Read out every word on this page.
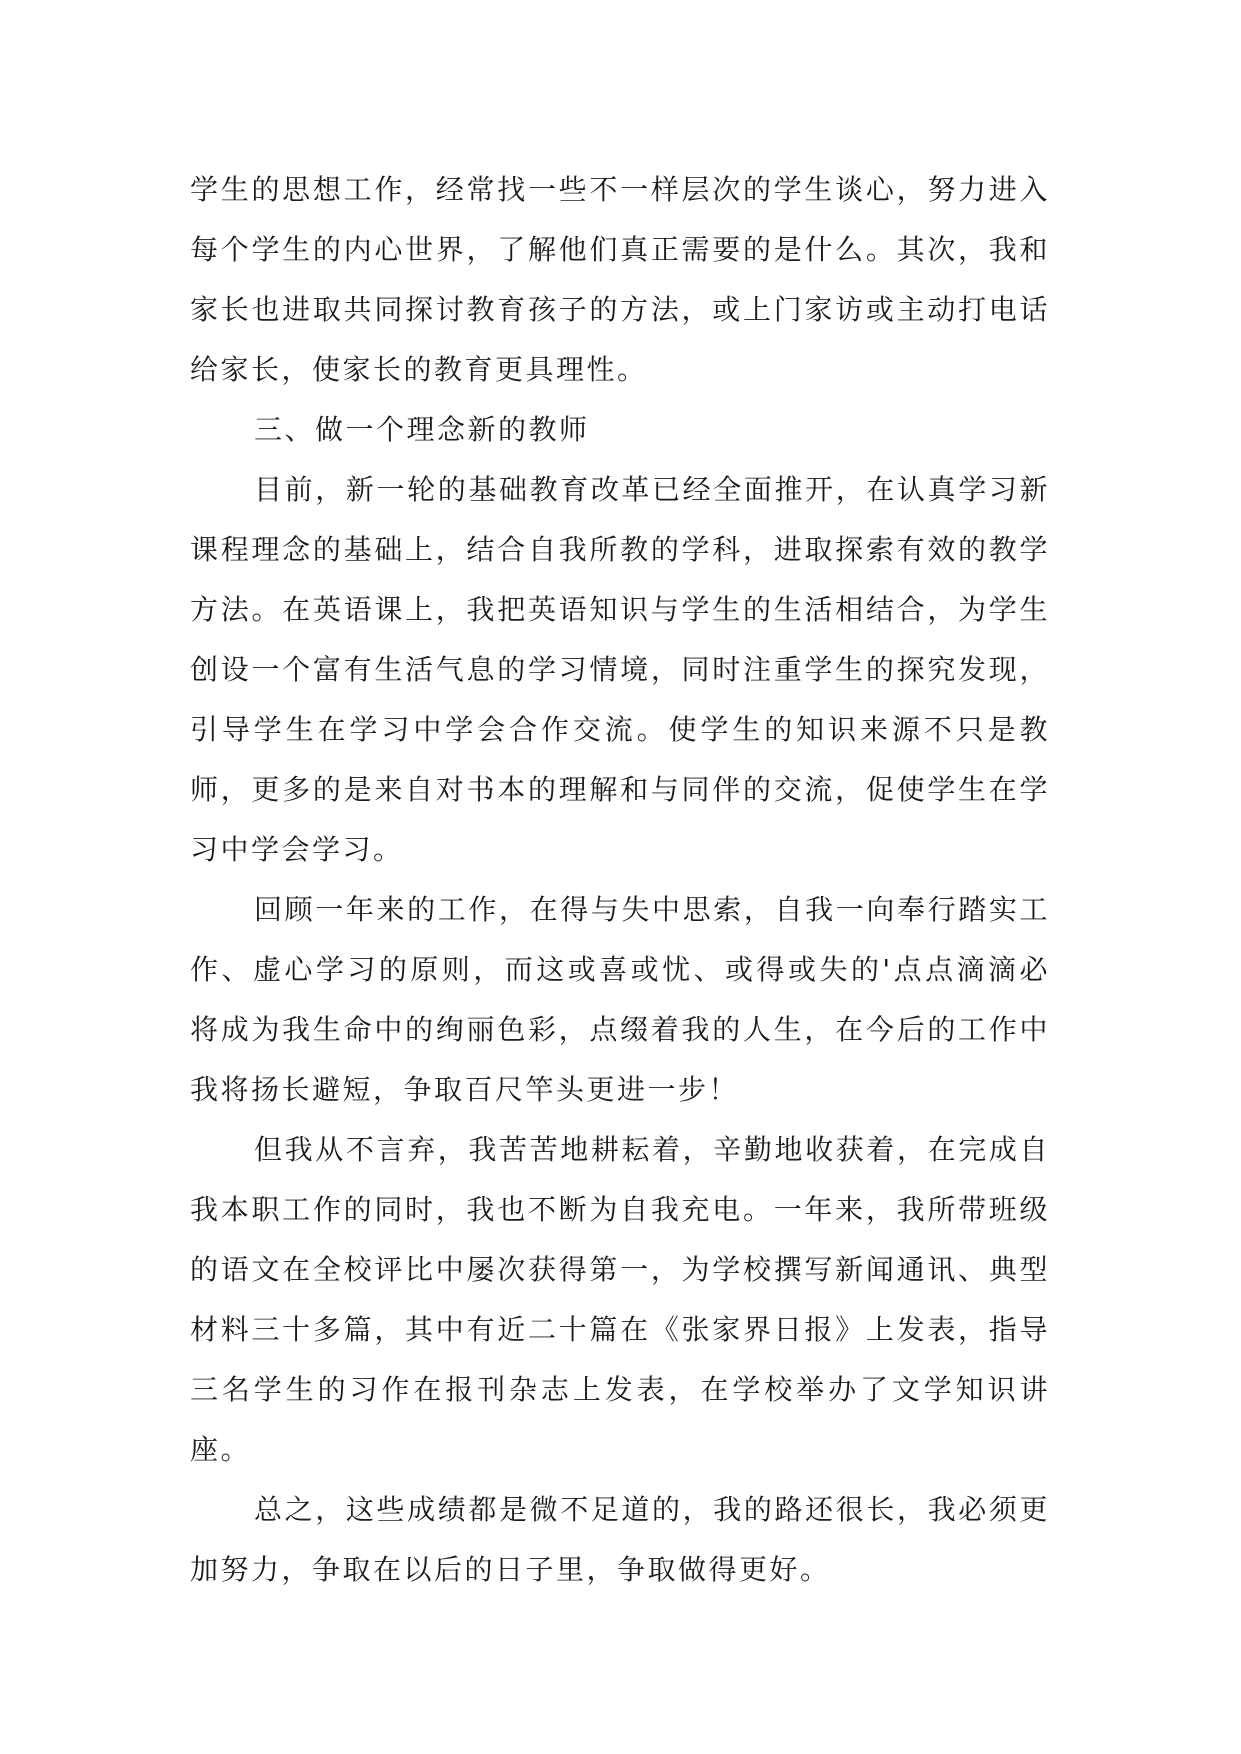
学生的思想工作，经常找一些不一样层次的学生谈心，努力进入每个学生的内心世界，了解他们真正需要的是什么。其次，我和家长也进取共同探讨教育孩子的方法，或上门家访或主动打电话给家长，使家长的教育更具理性。

三、做一个理念新的教师

目前，新一轮的基础教育改革已经全面推开，在认真学习新课程理念的基础上，结合自我所教的学科，进取探索有效的教学方法。在英语课上，我把英语知识与学生的生活相结合，为学生创设一个富有生活气息的学习情境，同时注重学生的探究发现，引导学生在学习中学会合作交流。使学生的知识来源不只是教师，更多的是来自对书本的理解和与同伴的交流，促使学生在学习中学会学习。

回顾一年来的工作，在得与失中思索，自我一向奉行踏实工作、虚心学习的原则，而这或喜或忧、或得或失的'点点滴滴必将成为我生命中的绚丽色彩，点缀着我的人生，在今后的工作中我将扬长避短，争取百尺竿头更进一步！

但我从不言弃，我苦苦地耕耘着，辛勤地收获着，在完成自我本职工作的同时，我也不断为自我充电。一年来，我所带班级的语文在全校评比中屡次获得第一，为学校撰写新闻通讯、典型材料三十多篇，其中有近二十篇在《张家界日报》上发表，指导三名学生的习作在报刊杂志上发表，在学校举办了文学知识讲座。

总之，这些成绩都是微不足道的，我的路还很长，我必须更加努力，争取在以后的日子里，争取做得更好。
